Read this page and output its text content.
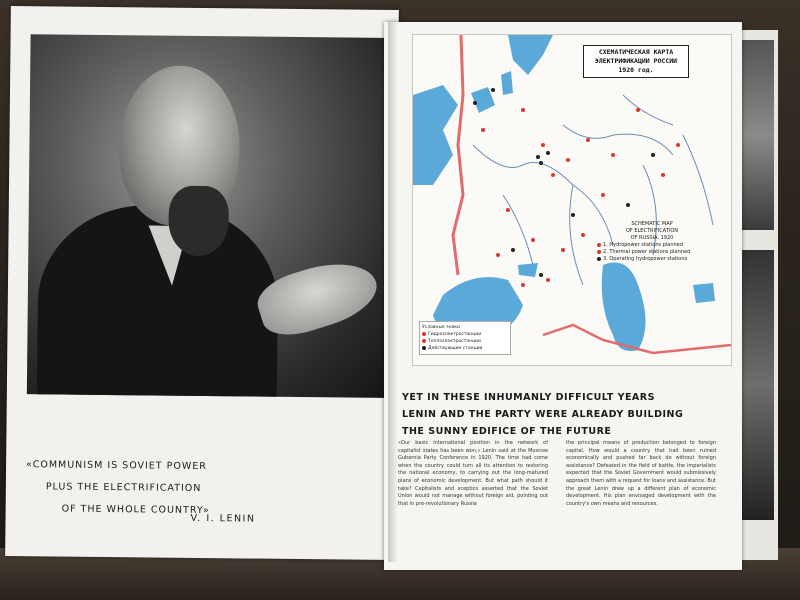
«COMMUNISM IS SOVIET POWER
PLUS THE ELECTRIFICATION
OF THE WHOLE COUNTRY»
V. I. LENIN
СХЕМАТИЧЕСКАЯ КАРТА
ЭЛЕКТРИФИКАЦИИ РОССИИ
1920 год.
SCHEMATIC MAP
OF ELECTRIFICATION
OF RUSSIA, 1920
1. Hydropower stations planned
2. Thermal power stations planned
3. Operating hydropower stations
Условные знаки
Гидроэлектростанции
Теплоэлектростанции
Действующие станции
YET IN THESE INHUMANLY DIFFICULT YEARS
LENIN AND THE PARTY WERE ALREADY BUILDING
THE SUNNY EDIFICE OF THE FUTURE
«Our basic international position in the network of capitalist states has been won,» Lenin said at the Moscow Gubernia Party Conference in 1920. The time had come when the country could turn all its attention to restoring the national economy, to carrying out the long-matured plans of economic development. But what path should it take? Capitalists and sceptics asserted that the Soviet Union would not manage without foreign aid, pointing out that in pre-revolutionary Russia
the principal means of production belonged to foreign capital. How would a country that had been ruined economically and pushed far back do without foreign assistance? Defeated in the field of battle, the imperialists expected that the Soviet Government would submissively approach them with a request for loans and assistance. But the great Lenin drew up a different plan of economic development. His plan envisaged development with the country's own means and resources.
